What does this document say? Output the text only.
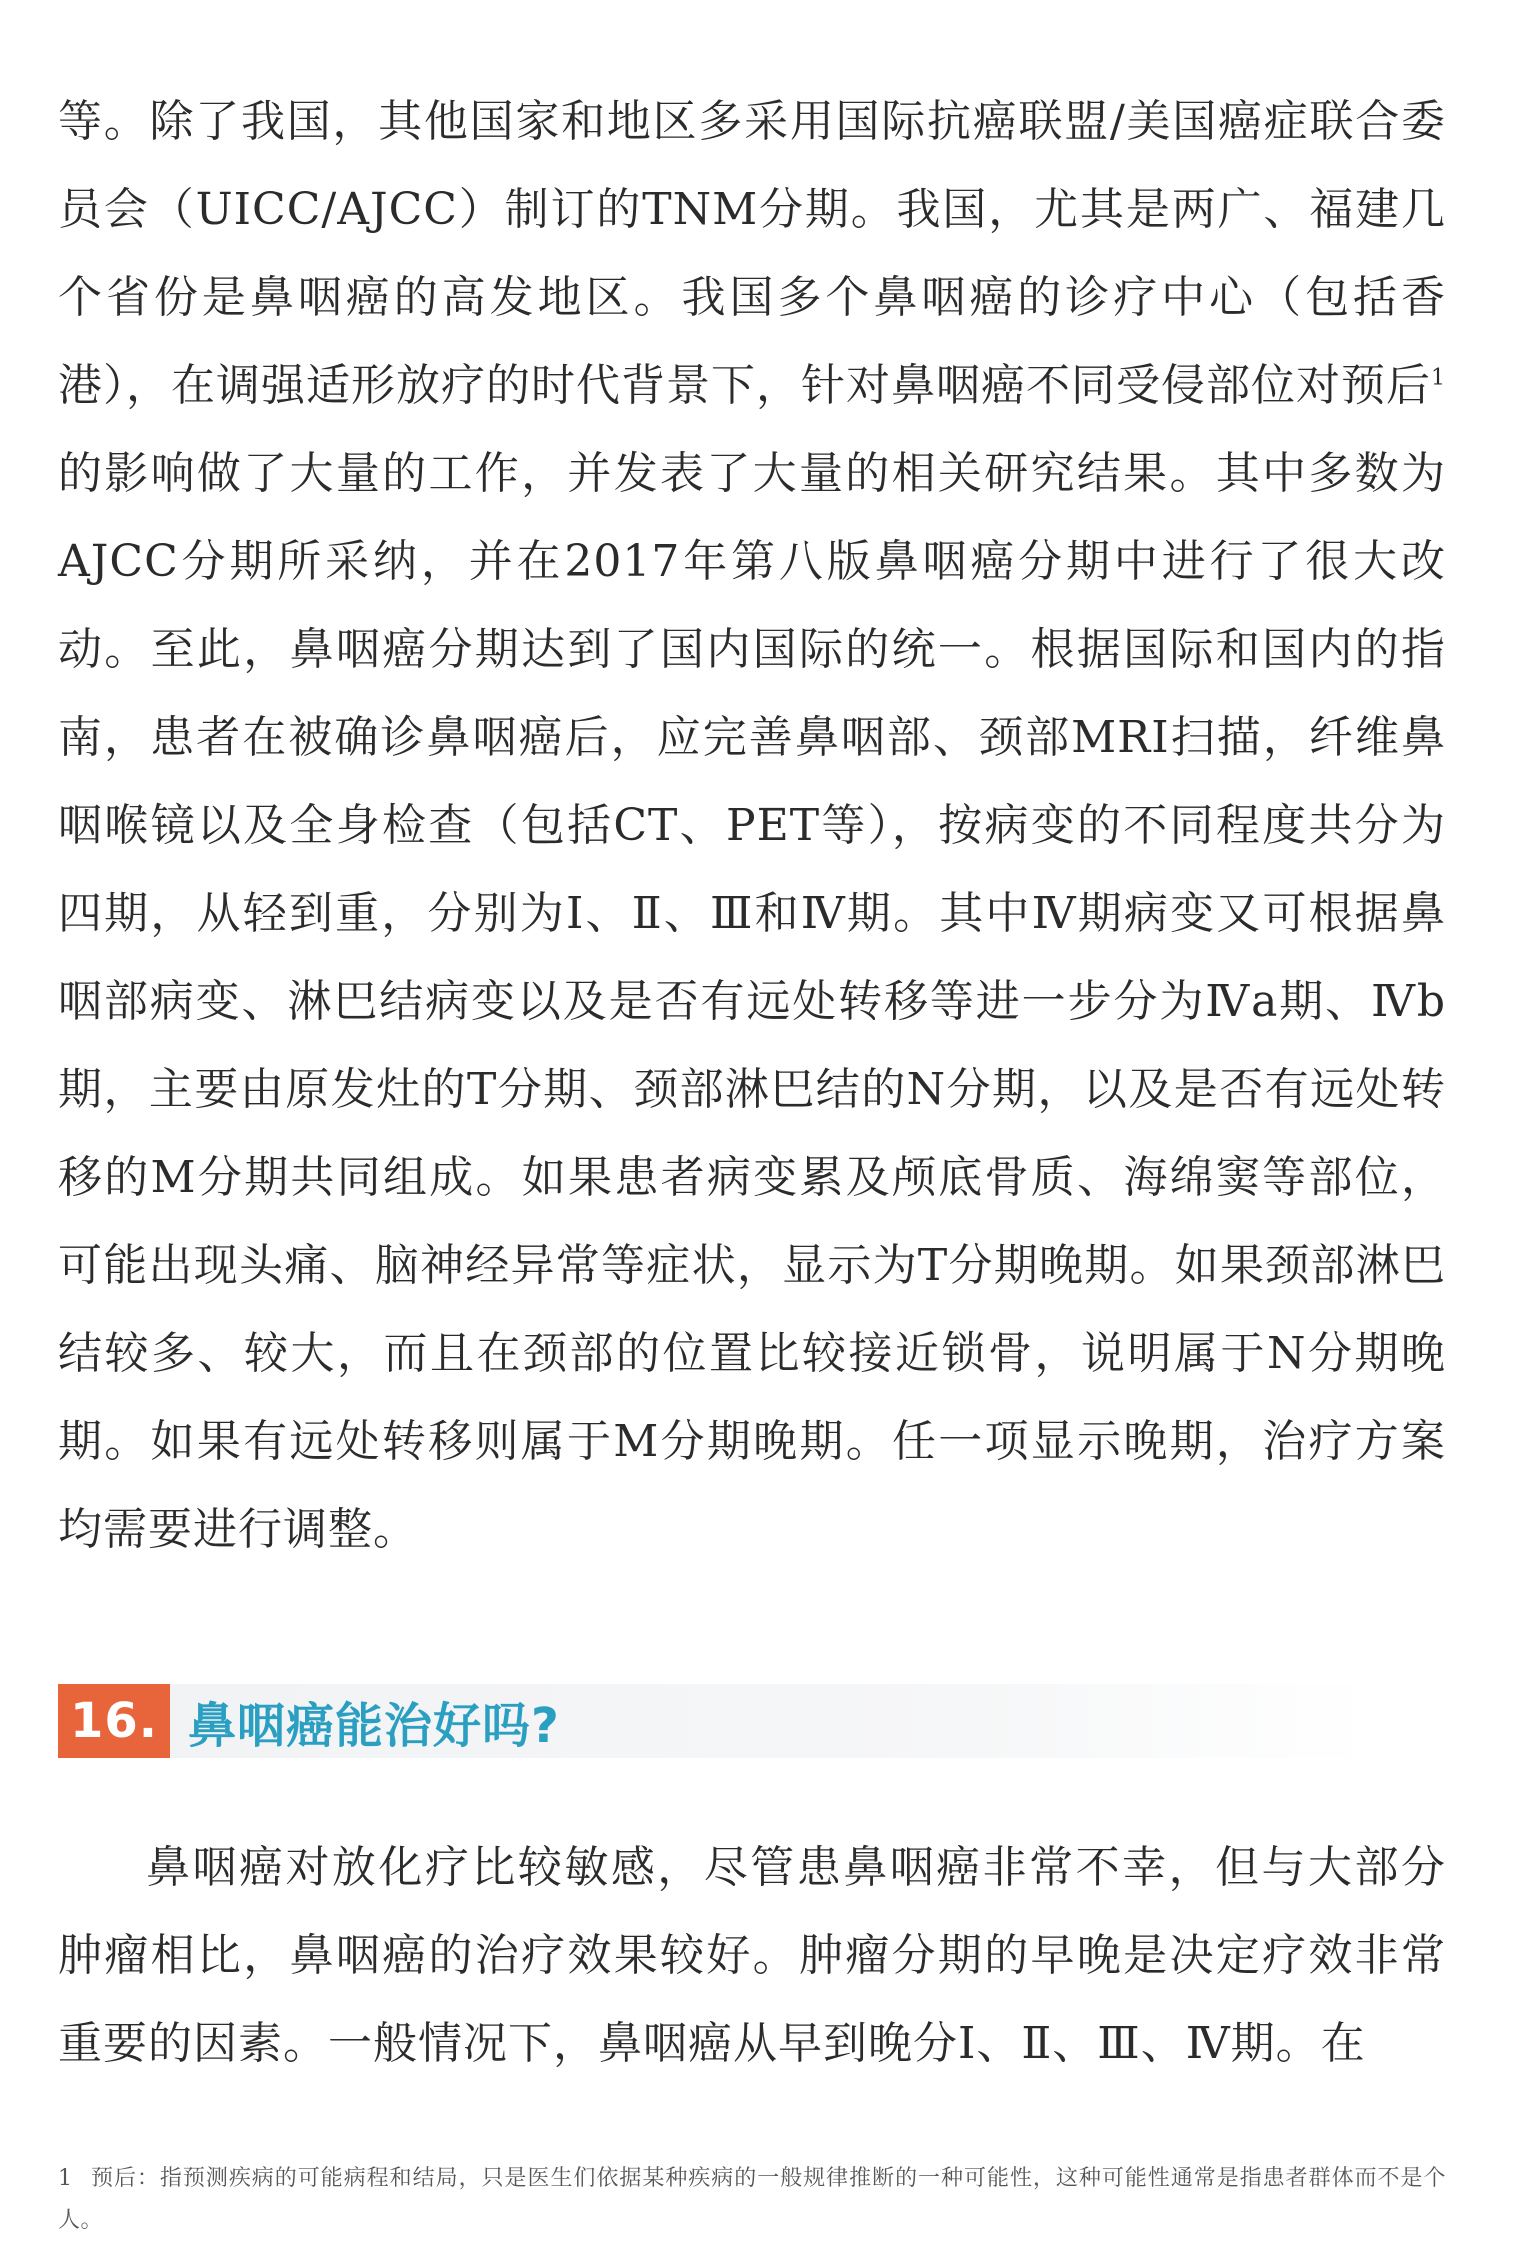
等。除了我国，其他国家和地区多采用国际抗癌联盟/美国癌症联合委员会（UICC/AJCC）制订的TNM分期。我国，尤其是两广、福建几个省份是鼻咽癌的高发地区。我国多个鼻咽癌的诊疗中心（包括香港），在调强适形放疗的时代背景下，针对鼻咽癌不同受侵部位对预后$^1$的影响做了大量的工作，并发表了大量的相关研究结果。其中多数为AJCC分期所采纳，并在2017年第八版鼻咽癌分期中进行了很大改动。至此，鼻咽癌分期达到了国内国际的统一。根据国际和国内的指南，患者在被确诊鼻咽癌后，应完善鼻咽部、颈部MRI扫描，纤维鼻咽喉镜以及全身检查（包括CT、PET等），按病变的不同程度共分为四期，从轻到重，分别为Ⅰ、Ⅱ、Ⅲ和Ⅳ期。其中Ⅳ期病变又可根据鼻咽部病变、淋巴结病变以及是否有远处转移等进一步分为Ⅳa期、Ⅳb期，主要由原发灶的T分期、颈部淋巴结的N分期，以及是否有远处转移的M分期共同组成。如果患者病变累及颅底骨质、海绵窦等部位，可能出现头痛、脑神经异常等症状，显示为T分期晚期。如果颈部淋巴结较多、较大，而且在颈部的位置比较接近锁骨，说明属于N分期晚期。如果有远处转移则属于M分期晚期。任一项显示晚期，治疗方案均需要进行调整。

16. 鼻咽癌能治好吗?

鼻咽癌对放化疗比较敏感，尽管患鼻咽癌非常不幸，但与大部分肿瘤相比，鼻咽癌的治疗效果较好。肿瘤分期的早晚是决定疗效非常重要的因素。一般情况下，鼻咽癌从早到晚分Ⅰ、Ⅱ、Ⅲ、Ⅳ期。在

1 预后：指预测疾病的可能病程和结局，只是医生们依据某种疾病的一般规律推断的一种可能性，这种可能性通常是指患者群体而不是个人。
